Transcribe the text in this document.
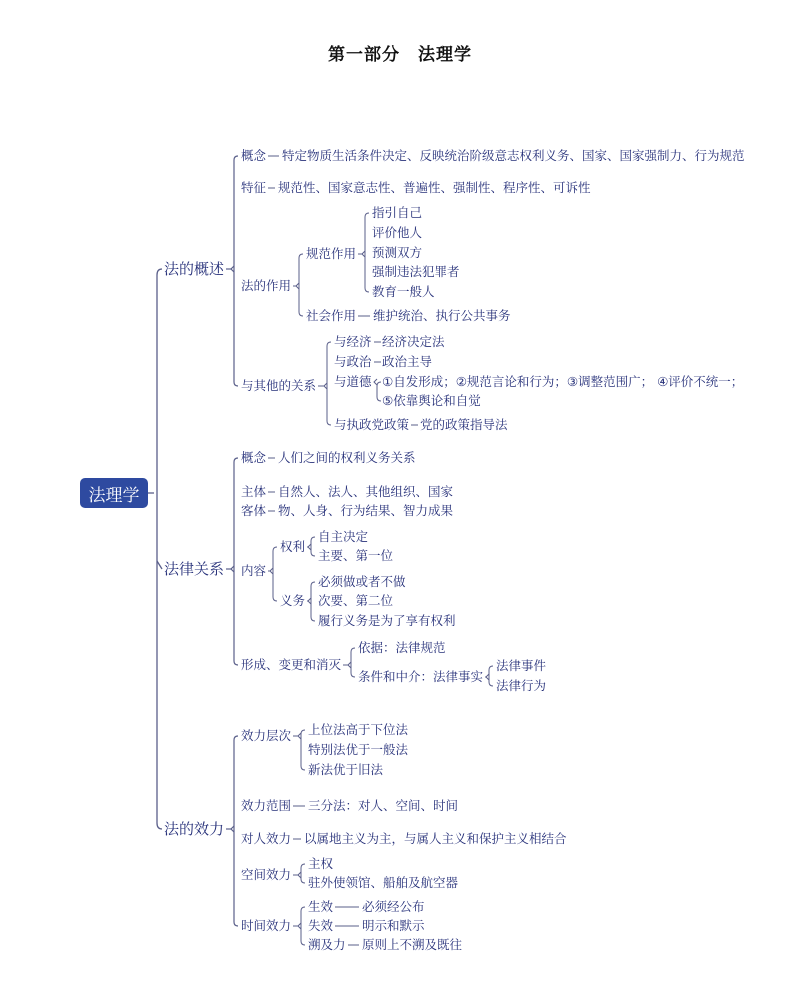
第一部分　法理学
法理学
法的概述
概念 特定物质生活条件决定、反映统治阶级意志权利义务、国家、国家强制力、行为规范
特征 规范性、国家意志性、普遍性、强制性、程序性、可诉性
法的作用
规范作用
指引自己
评价他人
预测双方
强制违法犯罪者
教育一般人
社会作用 维护统治、执行公共事务
与其他的关系
与经济 经济决定法
与政治 政治主导
与道德 ①自发形成；②规范言论和行为；③调整范围广； ④评价不统一；
⑤依靠舆论和自觉
与执政党政策 党的政策指导法
法律关系
概念 人们之间的权利义务关系
主体 自然人、法人、其他组织、国家
客体 物、人身、行为结果、智力成果
内容
权利
自主决定
主要、第一位
义务
必须做或者不做
次要、第二位
履行义务是为了享有权利
形成、变更和消灭
依据：法律规范
条件和中介：法律事实
法律事件
法律行为
法的效力
效力层次 上位法高于下位法
特别法优于一般法
新法优于旧法
效力范围 三分法：对人、空间、时间
对人效力 以属地主义为主，与属人主义和保护主义相结合
空间效力
主权
驻外使领馆、船舶及航空器
时间效力
生效 必须经公布
失效 明示和默示
溯及力 原则上不溯及既往
